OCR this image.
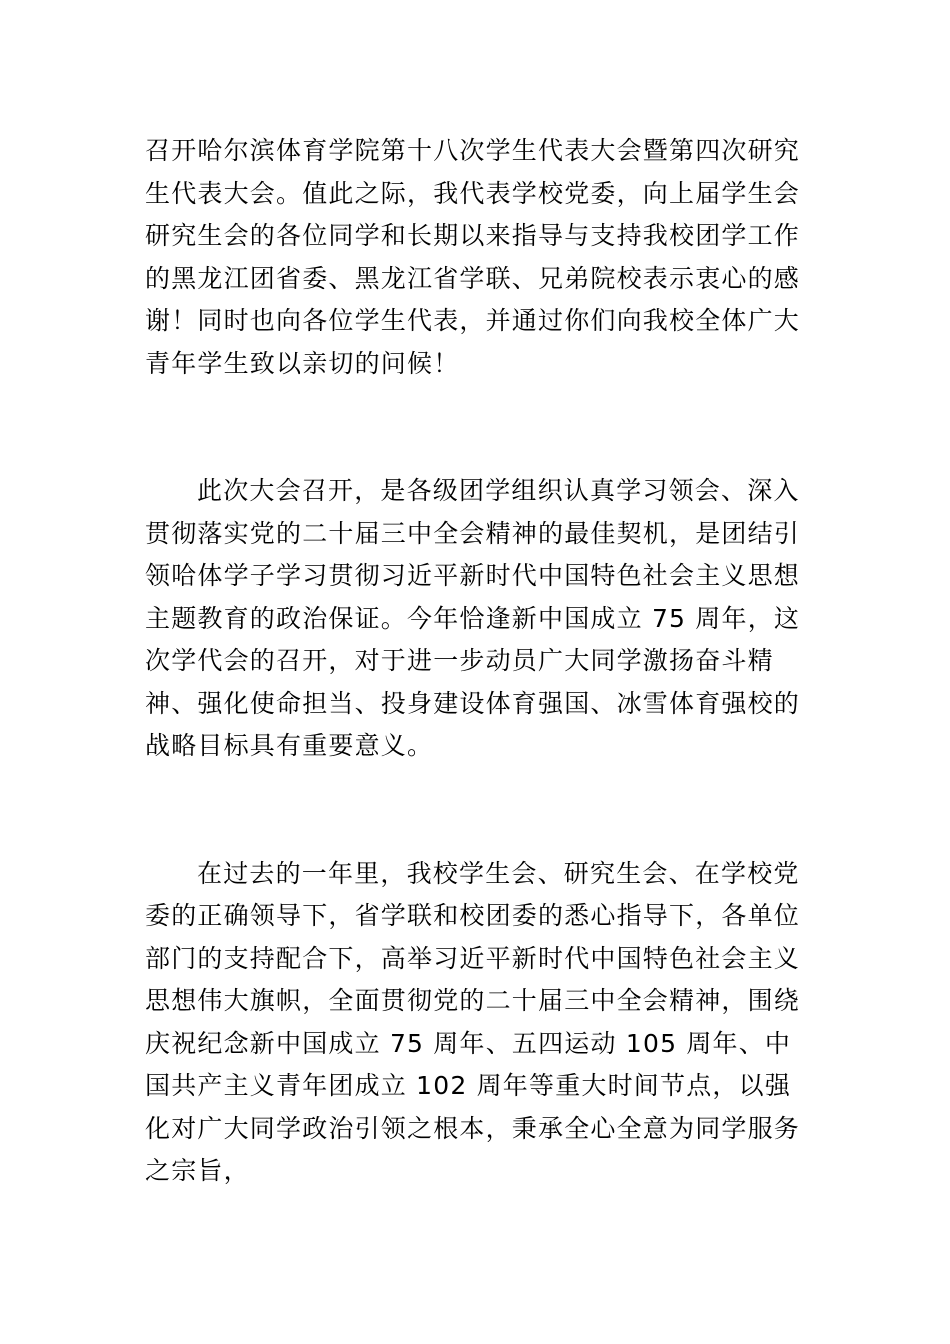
召开哈尔滨体育学院第十八次学生代表大会暨第四次研究生代表大会。值此之际，我代表学校党委，向上届学生会研究生会的各位同学和长期以来指导与支持我校团学工作的黑龙江团省委、黑龙江省学联、兄弟院校表示衷心的感谢！同时也向各位学生代表，并通过你们向我校全体广大青年学生致以亲切的问候！

此次大会召开，是各级团学组织认真学习领会、深入贯彻落实党的二十届三中全会精神的最佳契机，是团结引领哈体学子学习贯彻习近平新时代中国特色社会主义思想主题教育的政治保证。今年恰逢新中国成立 75 周年，这次学代会的召开，对于进一步动员广大同学激扬奋斗精神、强化使命担当、投身建设体育强国、冰雪体育强校的战略目标具有重要意义。

在过去的一年里，我校学生会、研究生会、在学校党委的正确领导下，省学联和校团委的悉心指导下，各单位部门的支持配合下，高举习近平新时代中国特色社会主义思想伟大旗帜，全面贯彻党的二十届三中全会精神，围绕庆祝纪念新中国成立 75 周年、五四运动 105 周年、中国共产主义青年团成立 102 周年等重大时间节点，以强化对广大同学政治引领之根本，秉承全心全意为同学服务之宗旨，
